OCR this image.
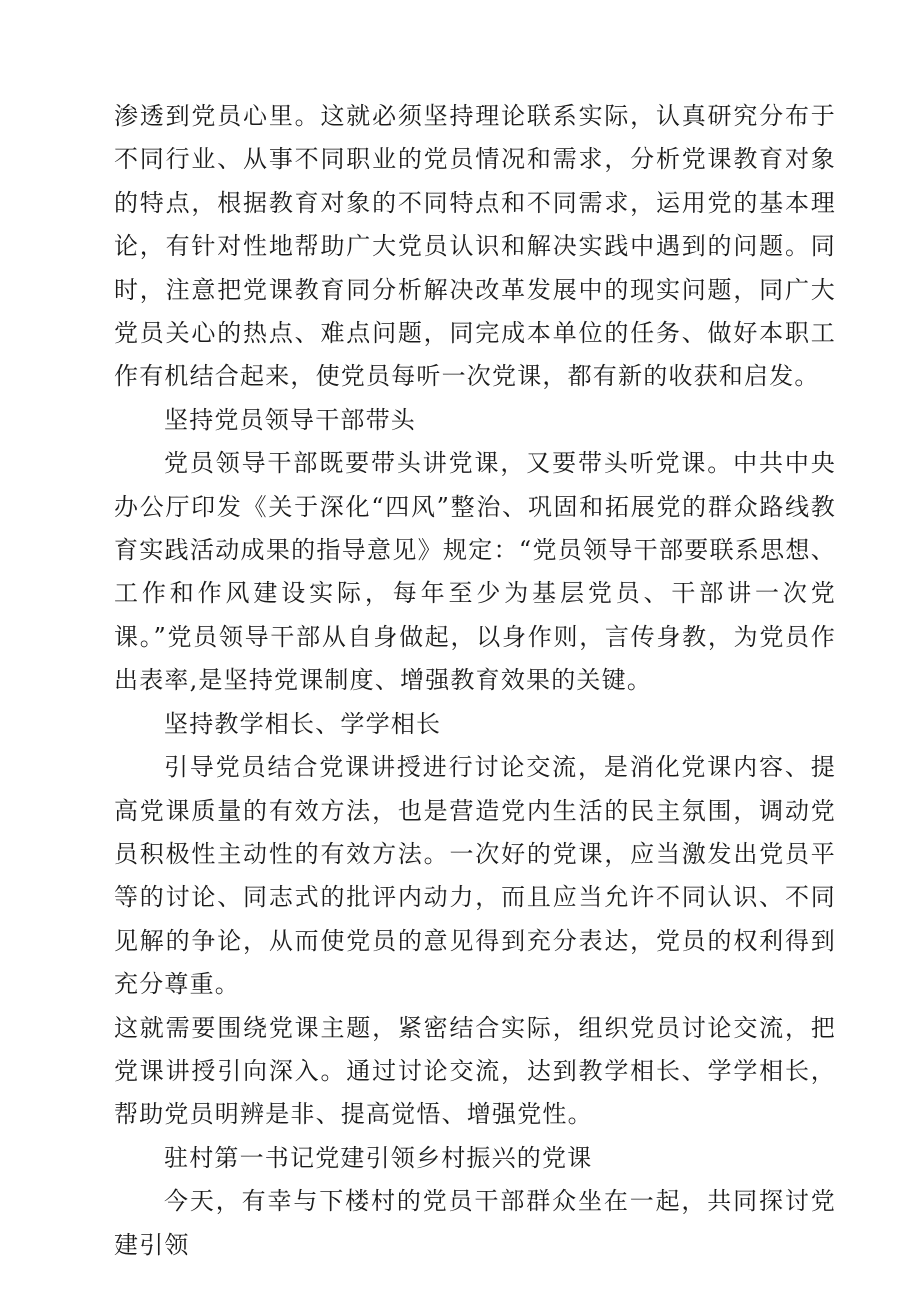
渗透到党员心里。这就必须坚持理论联系实际，认真研究分布于不同行业、从事不同职业的党员情况和需求，分析党课教育对象的特点，根据教育对象的不同特点和不同需求，运用党的基本理论，有针对性地帮助广大党员认识和解决实践中遇到的问题。同时，注意把党课教育同分析解决改革发展中的现实问题，同广大党员关心的热点、难点问题，同完成本单位的任务、做好本职工作有机结合起来，使党员每听一次党课，都有新的收获和启发。

坚持党员领导干部带头

党员领导干部既要带头讲党课，又要带头听党课。中共中央办公厅印发《关于深化“四风”整治、巩固和拓展党的群众路线教育实践活动成果的指导意见》规定：“党员领导干部要联系思想、工作和作风建设实际，每年至少为基层党员、干部讲一次党课。”党员领导干部从自身做起，以身作则，言传身教，为党员作出表率,是坚持党课制度、增强教育效果的关键。

坚持教学相长、学学相长

引导党员结合党课讲授进行讨论交流，是消化党课内容、提高党课质量的有效方法，也是营造党内生活的民主氛围，调动党员积极性主动性的有效方法。一次好的党课，应当激发出党员平等的讨论、同志式的批评内动力，而且应当允许不同认识、不同见解的争论，从而使党员的意见得到充分表达，党员的权利得到充分尊重。

这就需要围绕党课主题，紧密结合实际，组织党员讨论交流，把党课讲授引向深入。通过讨论交流，达到教学相长、学学相长，帮助党员明辨是非、提高觉悟、增强党性。

驻村第一书记党建引领乡村振兴的党课

今天，有幸与下楼村的党员干部群众坐在一起，共同探讨党建引领
